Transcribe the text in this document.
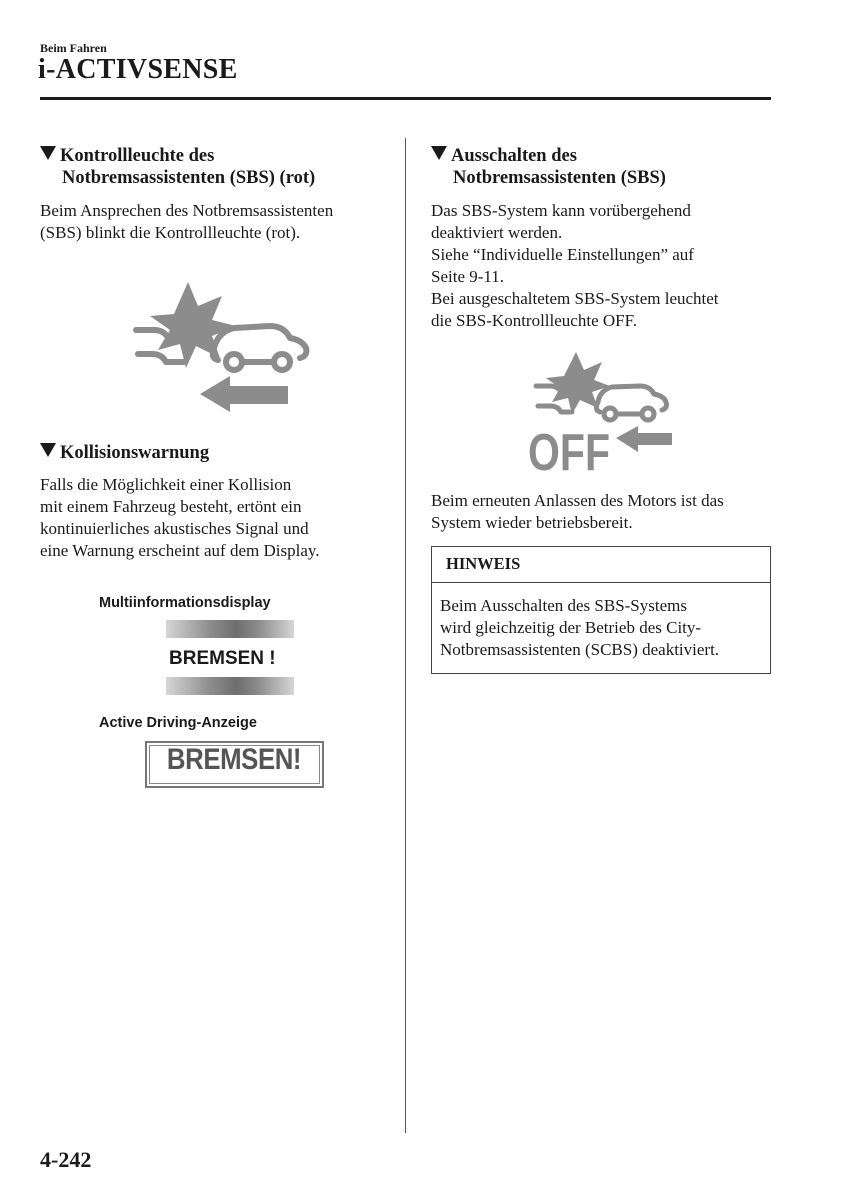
Beim Fahren
i-ACTIVSENSE
Kontrollleuchte des
Notbremsassistenten (SBS) (rot)
Beim Ansprechen des Notbremsassistenten
(SBS) blinkt die Kontrollleuchte (rot).
Kollisionswarnung
Falls die Möglichkeit einer Kollision
mit einem Fahrzeug besteht, ertönt ein
kontinuierliches akustisches Signal und
eine Warnung erscheint auf dem Display.
Multiinformationsdisplay
BREMSEN !
Active Driving-Anzeige
BREMSEN!
Ausschalten des
Notbremsassistenten (SBS)
Das SBS-System kann vorübergehend
deaktiviert werden.
Siehe “Individuelle Einstellungen” auf
Seite 9-11.
Bei ausgeschaltetem SBS-System leuchtet
die SBS-Kontrollleuchte OFF.
OFF
Beim erneuten Anlassen des Motors ist das
System wieder betriebsbereit.
HINWEIS
Beim Ausschalten des SBS-Systems
wird gleichzeitig der Betrieb des City-
Notbremsassistenten (SCBS) deaktiviert.
4-242
